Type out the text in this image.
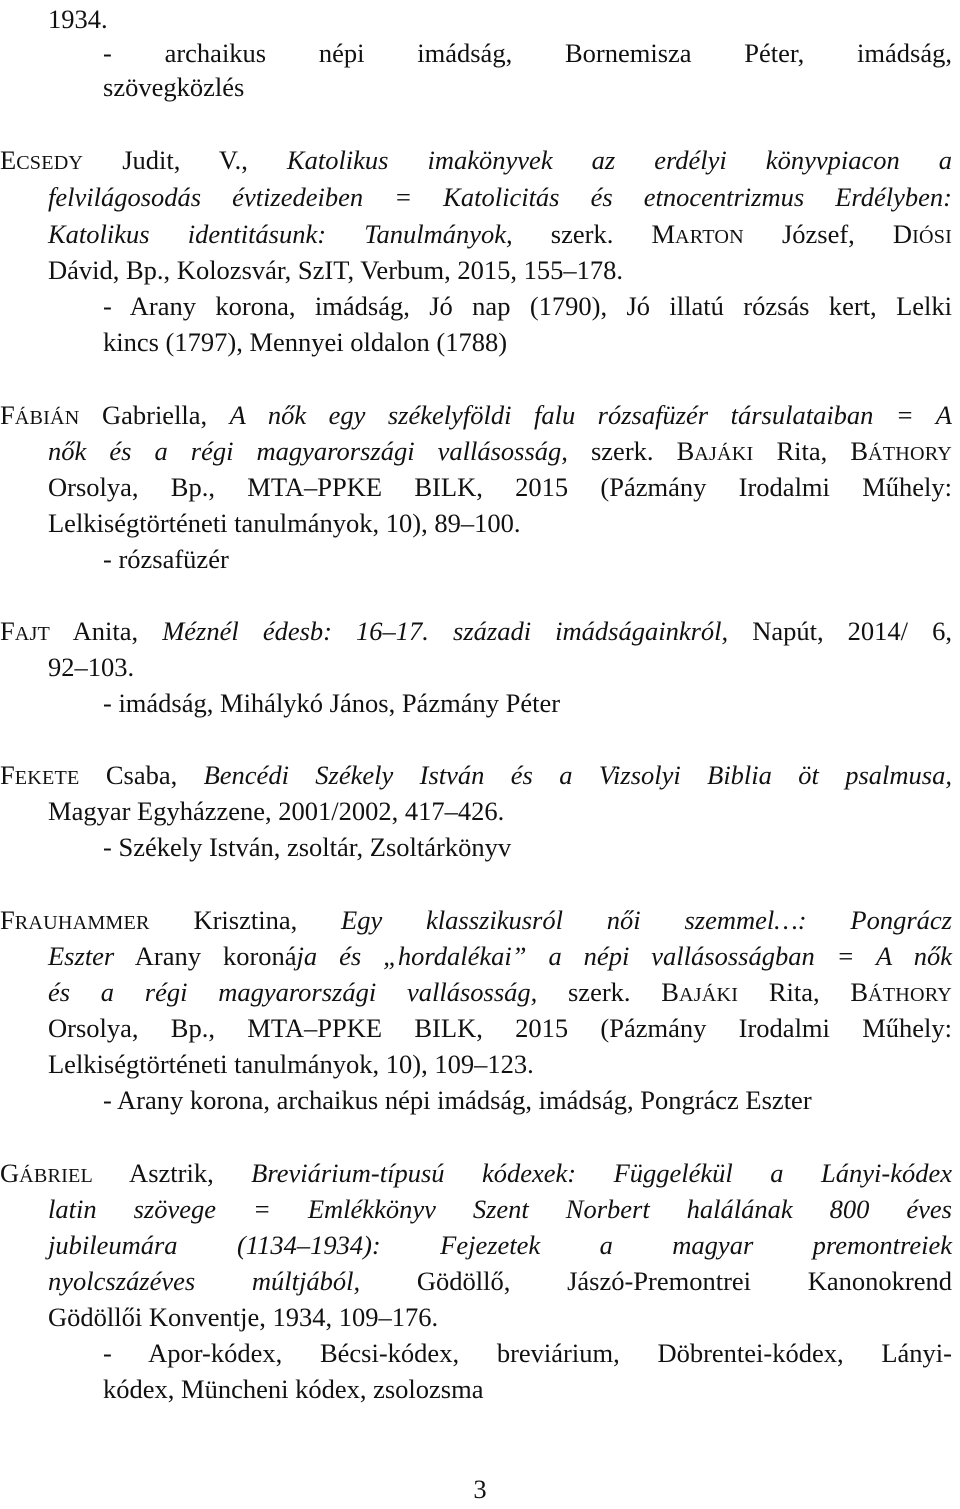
1934.
- archaikus népi imádság, Bornemisza Péter, imádság,
szövegközlés
ECSEDY Judit, V., Katolikus imakönyvek az erdélyi könyvpiacon a
felvilágosodás évtizedeiben = Katolicitás és etnocentrizmus Erdélyben:
Katolikus identitásunk: Tanulmányok, szerk. MARTON József, DIÓSI
Dávid, Bp., Kolozsvár, SzIT, Verbum, 2015, 155–178.
- Arany korona, imádság, Jó nap (1790), Jó illatú rózsás kert, Lelki
kincs (1797), Mennyei oldalon (1788)
FÁBIÁN Gabriella, A nők egy székelyföldi falu rózsafüzér társulataiban = A
nők és a régi magyarországi vallásosság, szerk. BAJÁKI Rita, BÁTHORY
Orsolya, Bp., MTA–PPKE BILK, 2015 (Pázmány Irodalmi Műhely:
Lelkiségtörténeti tanulmányok, 10), 89–100.
- rózsafüzér
FAJT Anita, Méznél édesb: 16–17. századi imádságainkról, Napút, 2014/ 6,
92–103.
- imádság, Mihálykó János, Pázmány Péter
FEKETE Csaba, Bencédi Székely István és a Vizsolyi Biblia öt psalmusa,
Magyar Egyházzene, 2001/2002, 417–426.
- Székely István, zsoltár, Zsoltárkönyv
FRAUHAMMER Krisztina, Egy klasszikusról női szemmel…: Pongrácz
Eszter Arany koronája és „hordalékai” a népi vallásosságban = A nők
és a régi magyarországi vallásosság, szerk. BAJÁKI Rita, BÁTHORY
Orsolya, Bp., MTA–PPKE BILK, 2015 (Pázmány Irodalmi Műhely:
Lelkiségtörténeti tanulmányok, 10), 109–123.
- Arany korona, archaikus népi imádság, imádság, Pongrácz Eszter
GÁBRIEL Asztrik, Breviárium-típusú kódexek: Függelékül a Lányi-kódex
latin szövege = Emlékkönyv Szent Norbert halálának 800 éves
jubileumára (1134–1934): Fejezetek a magyar premontreiek
nyolcszázéves múltjából, Gödöllő, Jászó-Premontrei Kanonokrend
Gödöllői Konventje, 1934, 109–176.
- Apor-kódex, Bécsi-kódex, breviárium, Döbrentei-kódex, Lányi-
kódex, Müncheni kódex, zsolozsma
3
